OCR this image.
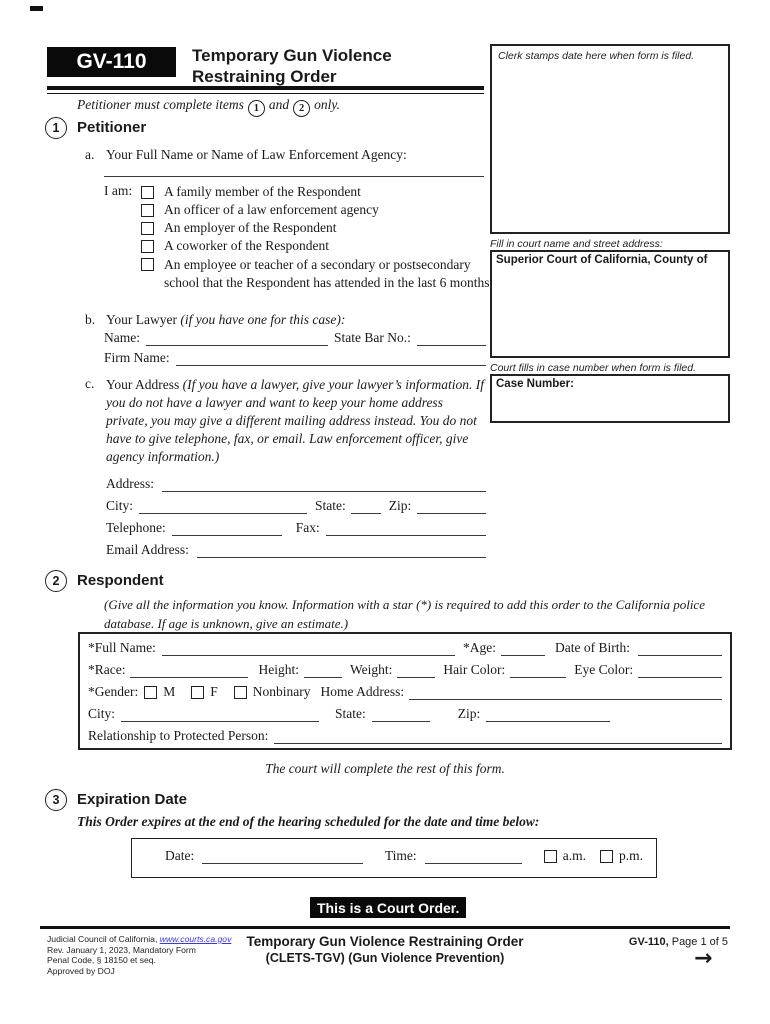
GV-110	Temporary Gun Violence
Restraining Order
Petitioner must complete items 1 and 2 only.
Clerk stamps date here when form is filed.
Fill in court name and street address:
Superior Court of California, County of
Court fills in case number when form is filed.
Case Number:
1 Petitioner
a. Your Full Name or Name of Law Enforcement Agency:
I am: A family member of the Respondent
An officer of a law enforcement agency
An employer of the Respondent
A coworker of the Respondent
An employee or teacher of a secondary or postsecondary school that the Respondent has attended in the last 6 months
b. Your Lawyer (if you have one for this case):
Name:	State Bar No.:
Firm Name:
c. Your Address (If you have a lawyer, give your lawyer’s information. If you do not have a lawyer and want to keep your home address private, you may give a different mailing address instead. You do not have to give telephone, fax, or email. Law enforcement officer, give agency information.)
Address:
City:	State:	Zip:
Telephone:	Fax:
Email Address:
2 Respondent
(Give all the information you know. Information with a star (*) is required to add this order to the California police database. If age is unknown, give an estimate.)
*Full Name:	*Age:	Date of Birth:
*Race:	Height:	Weight:	Hair Color:	Eye Color:
*Gender: M	F	Nonbinary Home Address:
City:	State:	Zip:
Relationship to Protected Person:
The court will complete the rest of this form.
3 Expiration Date
This Order expires at the end of the hearing scheduled for the date and time below:
Date:	Time:	a.m. p.m.
This is a Court Order.
Judicial Council of California, www.courts.ca.gov
Rev. January 1, 2023, Mandatory Form
Penal Code, § 18150 et seq.
Approved by DOJ
Temporary Gun Violence Restraining Order
(CLETS-TGV) (Gun Violence Prevention)
GV-110, Page 1 of 5
→
